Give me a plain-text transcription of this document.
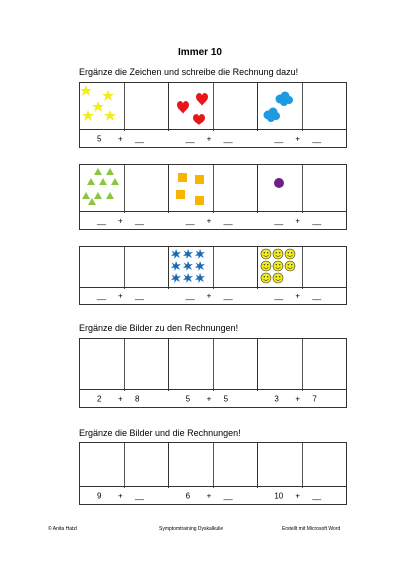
Immer 10
Ergänze die Zeichen und schreibe die Rechnung dazu!
5 + __	__ + __	__ + __
__ + __	__ + __	__ + __
__ + __	__ + __	__ + __
Ergänze die Bilder zu den Rechnungen!
2 + 8	5 + 5	3 + 7
Ergänze die Bilder und die Rechnungen!
9 + __	6 + __	10 + __
© Anita Hatzl	Symptomtraining Dyskalkulie	Erstellt mit Microsoft Word
